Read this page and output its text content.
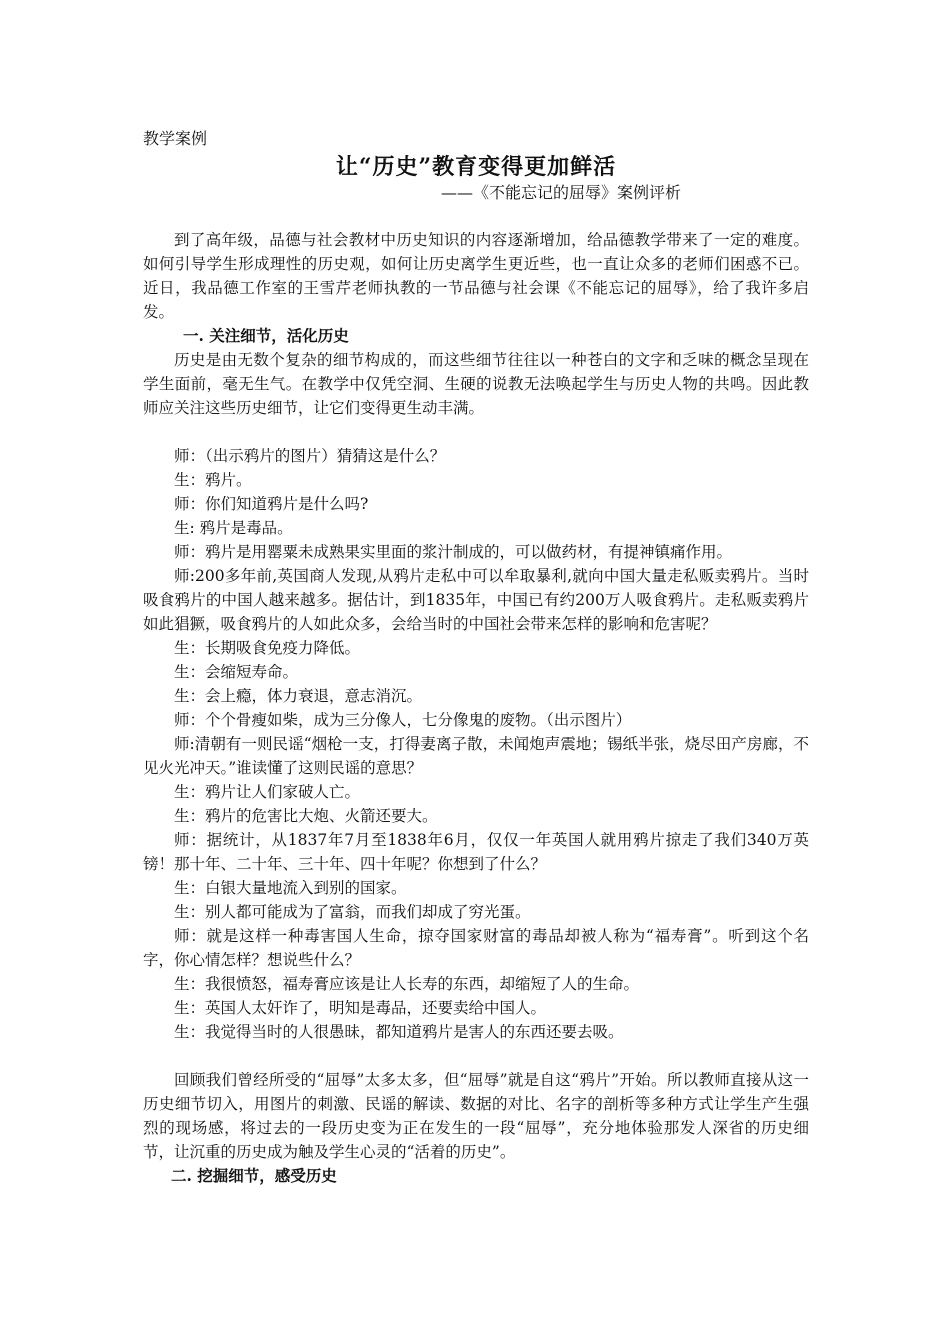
教学案例

让“历史”教育变得更加鲜活

——《不能忘记的屈辱》案例评析

到了高年级，品德与社会教材中历史知识的内容逐渐增加，给品德教学带来了一定的难度。如何引导学生形成理性的历史观，如何让历史离学生更近些，也一直让众多的老师们困惑不已。近日，我品德工作室的王雪芹老师执教的一节品德与社会课《不能忘记的屈辱》，给了我许多启发。

一. 关注细节，活化历史

历史是由无数个复杂的细节构成的，而这些细节往往以一种苍白的文字和乏味的概念呈现在学生面前，毫无生气。在教学中仅凭空洞、生硬的说教无法唤起学生与历史人物的共鸣。因此教师应关注这些历史细节，让它们变得更生动丰满。

师：（出示鸦片的图片）猜猜这是什么？

生：鸦片。

师：你们知道鸦片是什么吗?

生: 鸦片是毒品。

师：鸦片是用罂粟未成熟果实里面的浆汁制成的，可以做药材，有提神镇痛作用。

师:200多年前,英国商人发现,从鸦片走私中可以牟取暴利,就向中国大量走私贩卖鸦片。当时吸食鸦片的中国人越来越多。据估计，到1835年，中国已有约200万人吸食鸦片。走私贩卖鸦片如此猖獗，吸食鸦片的人如此众多，会给当时的中国社会带来怎样的影响和危害呢？

生：长期吸食免疫力降低。

生：会缩短寿命。

生：会上瘾，体力衰退，意志消沉。

师：个个骨瘦如柴，成为三分像人，七分像鬼的废物。（出示图片）

师:清朝有一则民谣“烟枪一支，打得妻离子散，未闻炮声震地；锡纸半张，烧尽田产房廊，不见火光冲天。”谁读懂了这则民谣的意思？

生：鸦片让人们家破人亡。

生：鸦片的危害比大炮、火箭还要大。

师：据统计，从1837年7月至1838年6月，仅仅一年英国人就用鸦片掠走了我们340万英镑！那十年、二十年、三十年、四十年呢？你想到了什么？

生：白银大量地流入到别的国家。

生：别人都可能成为了富翁，而我们却成了穷光蛋。

师：就是这样一种毒害国人生命，掠夺国家财富的毒品却被人称为“福寿膏”。听到这个名字，你心情怎样？想说些什么？

生：我很愤怒，福寿膏应该是让人长寿的东西，却缩短了人的生命。

生：英国人太奸诈了，明知是毒品，还要卖给中国人。

生：我觉得当时的人很愚昧，都知道鸦片是害人的东西还要去吸。

回顾我们曾经所受的“屈辱”太多太多，但“屈辱”就是自这“鸦片”开始。所以教师直接从这一历史细节切入，用图片的刺激、民谣的解读、数据的对比、名字的剖析等多种方式让学生产生强烈的现场感，将过去的一段历史变为正在发生的一段“屈辱”，充分地体验那发人深省的历史细节，让沉重的历史成为触及学生心灵的“活着的历史”。

二. 挖掘细节，感受历史
